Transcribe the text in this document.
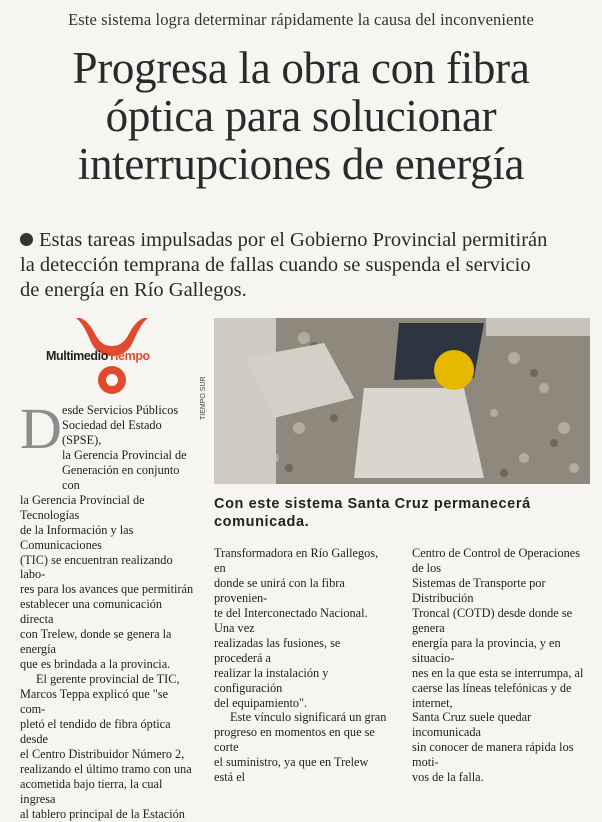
Este sistema logra determinar rápidamente la causa del inconveniente
Progresa la obra con fibra
óptica para solucionar
interrupciones de energía
Estas tareas impulsadas por el Gobierno Provincial permitirán
la detección temprana de fallas cuando se suspenda el servicio
de energía en Río Gallegos.
MultimedioTiempo
TIEMPO SUR
Con este sistema Santa Cruz permanecerá
comunicada.
D esde Servicios Públicos
Sociedad del Estado (SPSE),
la Gerencia Provincial de
Generación en conjunto con
la Gerencia Provincial de Tecnologías
de la Información y las Comunicaciones
(TIC) se encuentran realizando labo-
res para los avances que permitirán
establecer una comunicación directa
con Trelew, donde se genera la energía
que es brindada a la provincia.
El gerente provincial de TIC,
Marcos Teppa explicó que "se com-
pletó el tendido de fibra óptica desde
el Centro Distribuidor Número 2,
realizando el último tramo con una
acometida bajo tierra, la cual ingresa
al tablero principal de la Estación
Transformadora en Río Gallegos, en
donde se unirá con la fibra provenien-
te del Interconectado Nacional. Una vez
realizadas las fusiones, se procederá a
realizar la instalación y configuración
del equipamiento".
Este vínculo significará un gran
progreso en momentos en que se corte
el suministro, ya que en Trelew está el
Centro de Control de Operaciones de los
Sistemas de Transporte por Distribución
Troncal (COTD) desde donde se genera
energía para la provincia, y en situacio-
nes en la que esta se interrumpa, al
caerse las líneas telefónicas y de internet,
Santa Cruz suele quedar incomunicada
sin conocer de manera rápida los moti-
vos de la falla.
